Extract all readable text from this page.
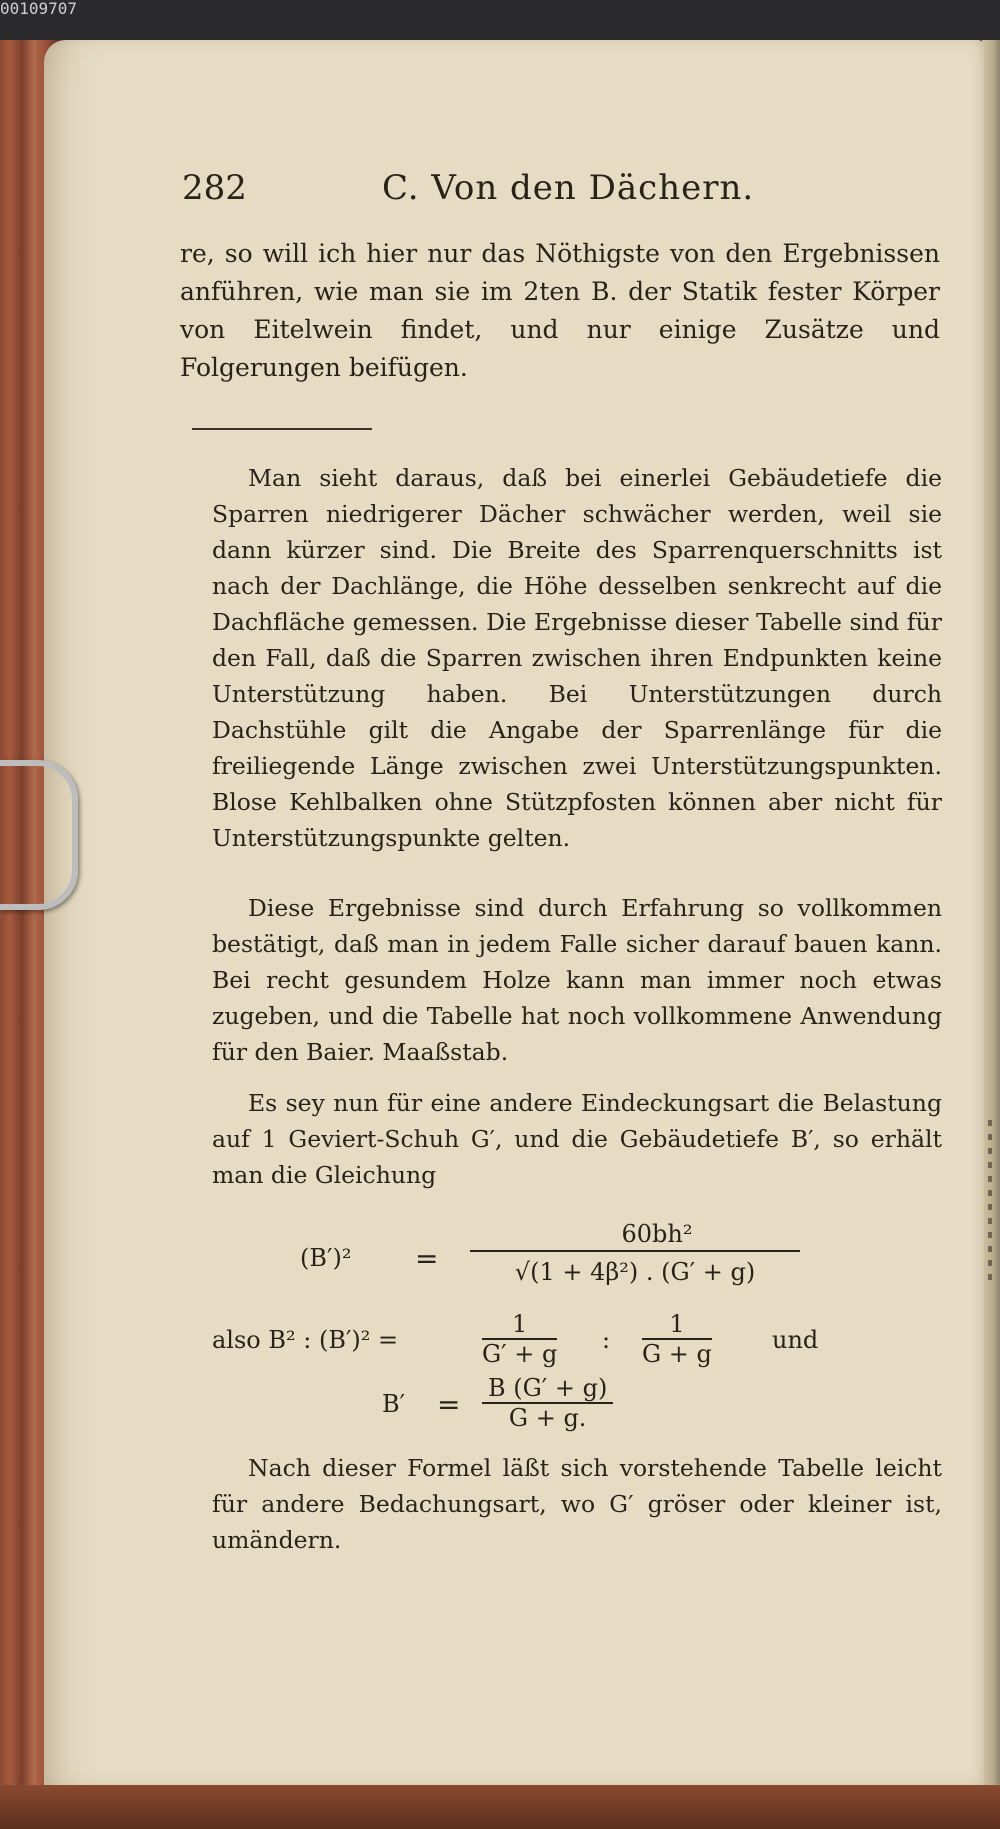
00109707
282	C. Von den Dächern.
re, so will ich hier nur das Nöthigste von den Ergebnissen anführen, wie man sie im 2ten B. der Statik fester Körper von Eitelwein findet, und nur einige Zusätze und Folgerungen beifügen.
Man sieht daraus, daß bei einerlei Gebäudetiefe die Sparren niedrigerer Dächer schwächer werden, weil sie dann kürzer sind. Die Breite des Sparrenquerschnitts ist nach der Dachlänge, die Höhe desselben senkrecht auf die Dachfläche gemessen. Die Ergebnisse dieser Tabelle sind für den Fall, daß die Sparren zwischen ihren Endpunkten keine Unterstützung haben. Bei Unterstützungen durch Dachstühle gilt die Angabe der Sparrenlänge für die freiliegende Länge zwischen zwei Unterstützungspunkten. Blose Kehlbalken ohne Stützpfosten können aber nicht für Unterstützungspunkte gelten.
Diese Ergebnisse sind durch Erfahrung so vollkommen bestätigt, daß man in jedem Falle sicher darauf bauen kann. Bei recht gesundem Holze kann man immer noch etwas zugeben, und die Tabelle hat noch vollkommene Anwendung für den Baier. Maaßstab.
Es sey nun für eine andere Eindeckungsart die Belastung auf 1 Geviert-Schuh G′, und die Gebäudetiefe B′, so erhält man die Gleichung
(B′)² =
60bh²
√(1 + 4β²) . (G′ + g)
also B² : (B′)² =	$\frac{1}{G' + g}$ : $\frac{1}{G + g}$	und
$B' = \frac{B (G' + g)}{G + g.}$
Nach dieser Formel läßt sich vorstehende Tabelle leicht für andere Bedachungsart, wo G′ gröser oder kleiner ist, umändern.
